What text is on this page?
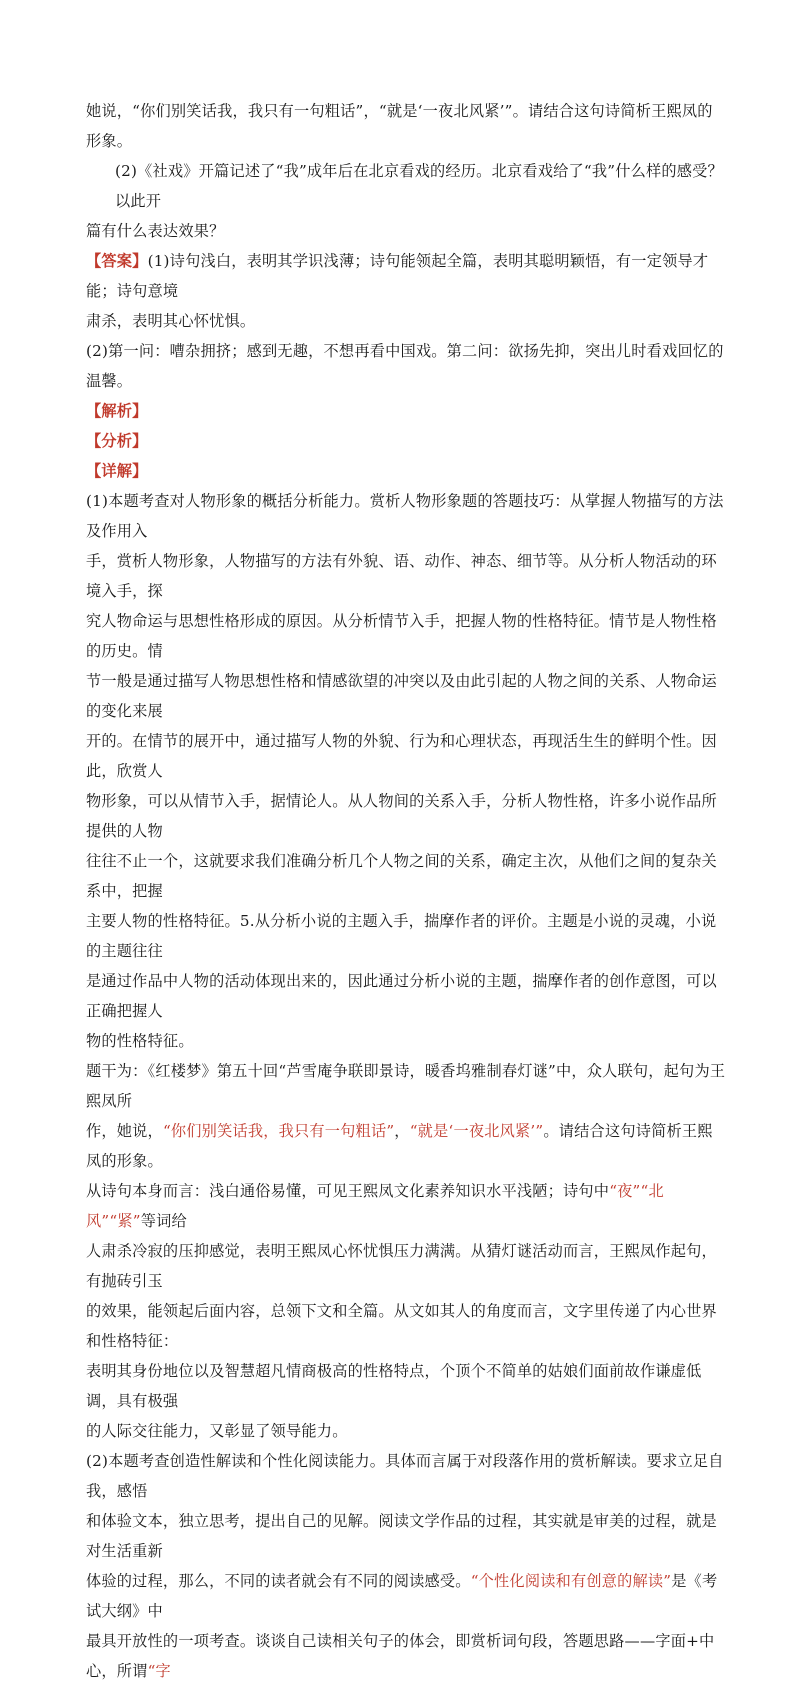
她说，“你们别笑话我，我只有一句粗话”，“就是‘一夜北风紧’”。请结合这句诗简析王熙凤的形象。

(2)《社戏》开篇记述了“我”成年后在北京看戏的经历。北京看戏给了“我”什么样的感受？以此开

篇有什么表达效果？

【答案】(1)诗句浅白，表明其学识浅薄；诗句能领起全篇，表明其聪明颖悟，有一定领导才能；诗句意境

肃杀，表明其心怀忧惧。

(2)第一问：嘈杂拥挤；感到无趣，不想再看中国戏。第二问：欲扬先抑，突出儿时看戏回忆的温馨。

【解析】

【分析】

【详解】

(1)本题考查对人物形象的概括分析能力。赏析人物形象题的答题技巧：从掌握人物描写的方法及作用入

手，赏析人物形象，人物描写的方法有外貌、语、动作、神态、细节等。从分析人物活动的环境入手，探

究人物命运与思想性格形成的原因。从分析情节入手，把握人物的性格特征。情节是人物性格的历史。情

节一般是通过描写人物思想性格和情感欲望的冲突以及由此引起的人物之间的关系、人物命运的变化来展

开的。在情节的展开中，通过描写人物的外貌、行为和心理状态，再现活生生的鲜明个性。因此，欣赏人

物形象，可以从情节入手，据情论人。从人物间的关系入手，分析人物性格，许多小说作品所提供的人物

往往不止一个，这就要求我们准确分析几个人物之间的关系，确定主次，从他们之间的复杂关系中，把握

主要人物的性格特征。5.从分析小说的主题入手，揣摩作者的评价。主题是小说的灵魂，小说的主题往往

是通过作品中人物的活动体现出来的，因此通过分析小说的主题，揣摩作者的创作意图，可以正确把握人

物的性格特征。

题干为：《红楼梦》第五十回“芦雪庵争联即景诗，暖香坞雅制春灯谜”中，众人联句，起句为王熙凤所

作，她说，“你们别笑话我，我只有一句粗话”，“就是‘一夜北风紧’”。请结合这句诗简析王熙凤的形象。

从诗句本身而言：浅白通俗易懂，可见王熙凤文化素养知识水平浅陋；诗句中“夜”“北风”“紧”等词给

人肃杀冷寂的压抑感觉，表明王熙凤心怀忧惧压力满满。从猜灯谜活动而言，王熙凤作起句，有抛砖引玉

的效果，能领起后面内容，总领下文和全篇。从文如其人的角度而言，文字里传递了内心世界和性格特征：

表明其身份地位以及智慧超凡情商极高的性格特点，个顶个不简单的姑娘们面前故作谦虚低调，具有极强

的人际交往能力，又彰显了领导能力。

(2)本题考查创造性解读和个性化阅读能力。具体而言属于对段落作用的赏析解读。要求立足自我，感悟

和体验文本，独立思考，提出自己的见解。阅读文学作品的过程，其实就是审美的过程，就是对生活重新

体验的过程，那么，不同的读者就会有不同的阅读感受。“个性化阅读和有创意的解读”是《考试大纲》中

最具开放性的一项考查。谈谈自己读相关句子的体会，即赏析词句段，答题思路——字面+中心，所谓“字
